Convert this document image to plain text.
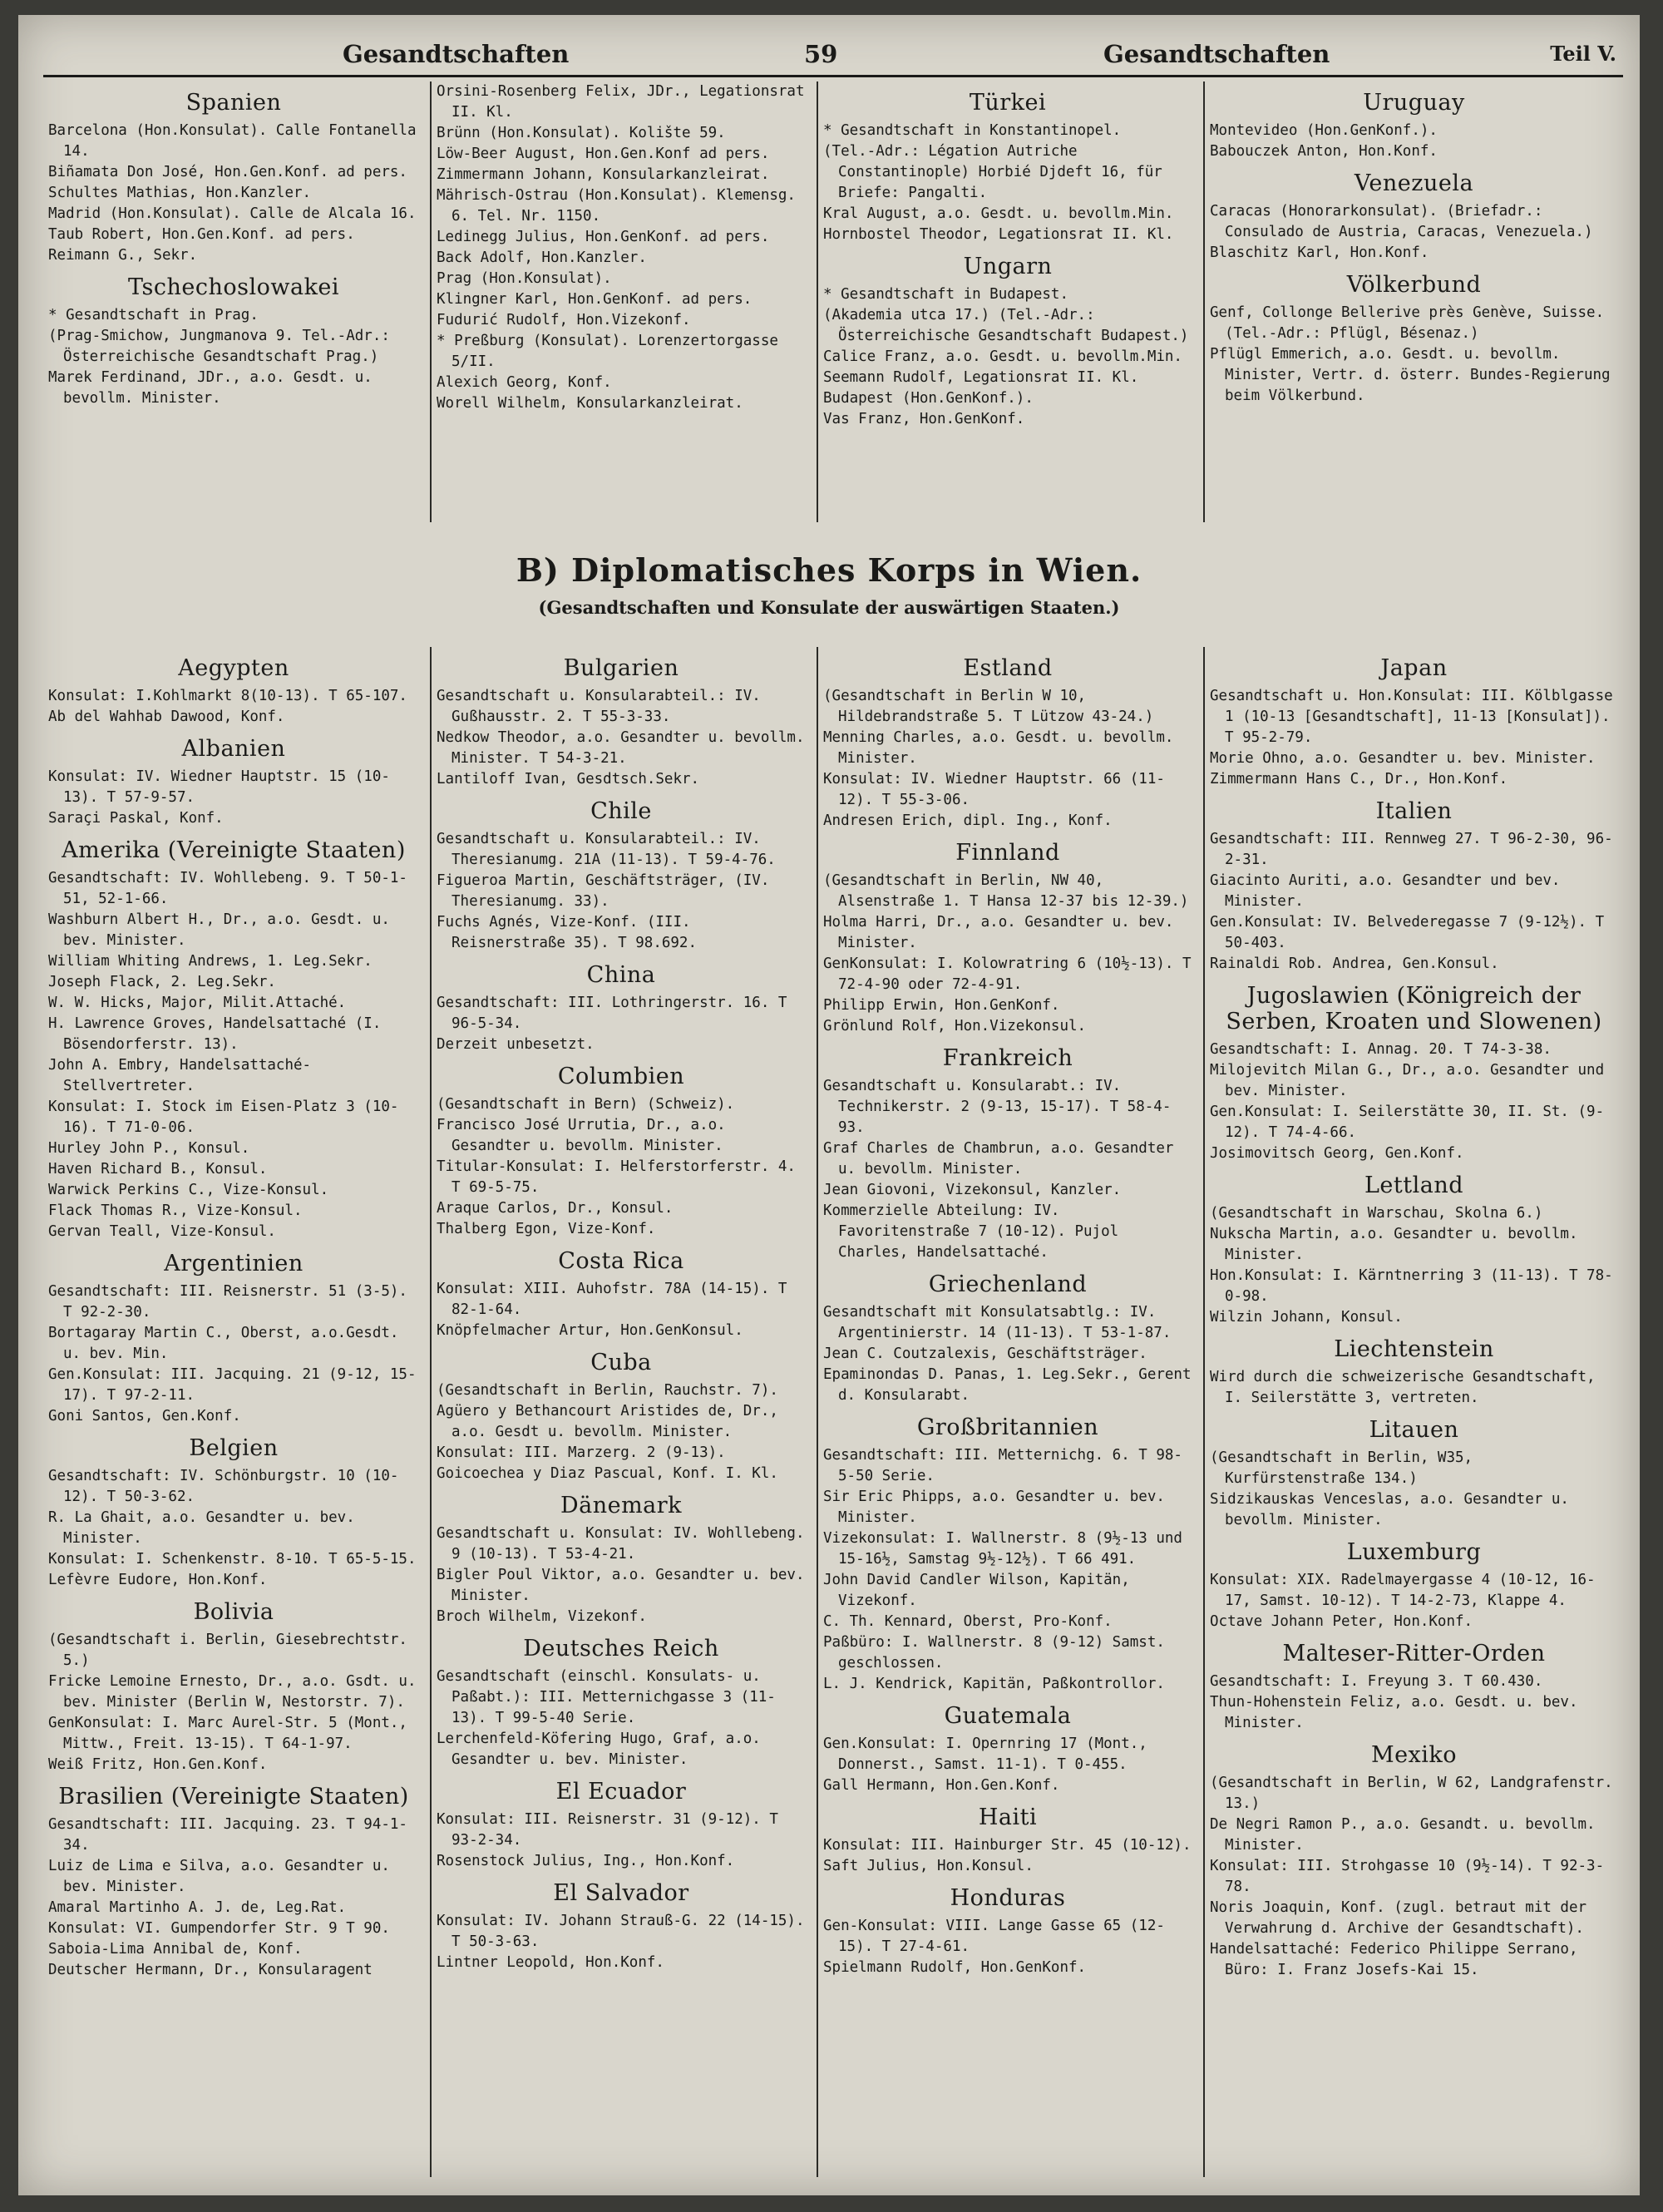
Gesandtschaften	59	Gesandtschaften	Teil V.
Spanien

Barcelona (Hon.Konsulat). Calle Fontanella 14.

Biñamata Don José, Hon.Gen.Konf. ad pers.

Schultes Mathias, Hon.Kanzler.

Madrid (Hon.Konsulat). Calle de Alcala 16.

Taub Robert, Hon.Gen.Konf. ad pers.

Reimann G., Sekr.

Tschechoslowakei

* Gesandtschaft in Prag.

(Prag-Smichow, Jungmanova 9. Tel.-Adr.: Österreichische Gesandtschaft Prag.)

Marek Ferdinand, JDr., a.o. Gesdt. u. bevollm. Minister.

Orsini-Rosenberg Felix, JDr., Legationsrat II. Kl.

Brünn (Hon.Konsulat). Kolište 59.

Löw-Beer August, Hon.Gen.Konf ad pers.

Zimmermann Johann, Konsularkanzleirat.

Mährisch-Ostrau (Hon.Konsulat). Klemensg. 6. Tel. Nr. 1150.

Ledinegg Julius, Hon.GenKonf. ad pers.

Back Adolf, Hon.Kanzler.

Prag (Hon.Konsulat).

Klingner Karl, Hon.GenKonf. ad pers.

Fudurić Rudolf, Hon.Vizekonf.

* Preßburg (Konsulat). Lorenzertorgasse 5/II.

Alexich Georg, Konf.

Worell Wilhelm, Konsularkanzleirat.

Türkei

* Gesandtschaft in Konstantinopel.

(Tel.-Adr.: Légation Autriche Constantinople) Horbié Djdeft 16, für Briefe: Pangalti.

Kral August, a.o. Gesdt. u. bevollm.Min.

Hornbostel Theodor, Legationsrat II. Kl.

Ungarn

* Gesandtschaft in Budapest.

(Akademia utca 17.) (Tel.-Adr.: Österreichische Gesandtschaft Budapest.)

Calice Franz, a.o. Gesdt. u. bevollm.Min.

Seemann Rudolf, Legationsrat II. Kl.

Budapest (Hon.GenKonf.).

Vas Franz, Hon.GenKonf.

Uruguay

Montevideo (Hon.GenKonf.).

Babouczek Anton, Hon.Konf.

Venezuela

Caracas (Honorarkonsulat). (Briefadr.: Consulado de Austria, Caracas, Venezuela.)

Blaschitz Karl, Hon.Konf.

Völkerbund

Genf, Collonge Bellerive près Genève, Suisse. (Tel.-Adr.: Pflügl, Bésenaz.)

Pflügl Emmerich, a.o. Gesdt. u. bevollm. Minister, Vertr. d. österr. Bundes-Regierung beim Völkerbund.

B) Diplomatisches Korps in Wien.
(Gesandtschaften und Konsulate der auswärtigen Staaten.)
Aegypten

Konsulat: I.Kohlmarkt 8(10-13). T 65-107.

Ab del Wahhab Dawood, Konf.

Albanien

Konsulat: IV. Wiedner Hauptstr. 15 (10-13). T 57-9-57.

Saraçi Paskal, Konf.

Amerika (Vereinigte Staaten)

Gesandtschaft: IV. Wohllebeng. 9. T 50-1-51, 52-1-66.

Washburn Albert H., Dr., a.o. Gesdt. u. bev. Minister.

William Whiting Andrews, 1. Leg.Sekr.

Joseph Flack, 2. Leg.Sekr.

W. W. Hicks, Major, Milit.Attaché.

H. Lawrence Groves, Handelsattaché (I. Bösendorferstr. 13).

John A. Embry, Handelsattaché-Stellvertreter.

Konsulat: I. Stock im Eisen-Platz 3 (10-16). T 71-0-06.

Hurley John P., Konsul.

Haven Richard B., Konsul.

Warwick Perkins C., Vize-Konsul.

Flack Thomas R., Vize-Konsul.

Gervan Teall, Vize-Konsul.

Argentinien

Gesandtschaft: III. Reisnerstr. 51 (3-5). T 92-2-30.

Bortagaray Martin C., Oberst, a.o.Gesdt. u. bev. Min.

Gen.Konsulat: III. Jacquing. 21 (9-12, 15-17). T 97-2-11.

Goni Santos, Gen.Konf.

Belgien

Gesandtschaft: IV. Schönburgstr. 10 (10-12). T 50-3-62.

R. La Ghait, a.o. Gesandter u. bev. Minister.

Konsulat: I. Schenkenstr. 8-10. T 65-5-15.

Lefèvre Eudore, Hon.Konf.

Bolivia

(Gesandtschaft i. Berlin, Giesebrechtstr. 5.)

Fricke Lemoine Ernesto, Dr., a.o. Gsdt. u. bev. Minister (Berlin W, Nestorstr. 7).

GenKonsulat: I. Marc Aurel-Str. 5 (Mont., Mittw., Freit. 13-15). T 64-1-97.

Weiß Fritz, Hon.Gen.Konf.

Brasilien (Vereinigte Staaten)

Gesandtschaft: III. Jacquing. 23. T 94-1-34.

Luiz de Lima e Silva, a.o. Gesandter u. bev. Minister.

Amaral Martinho A. J. de, Leg.Rat.

Konsulat: VI. Gumpendorfer Str. 9 T 90.

Saboia-Lima Annibal de, Konf.

Deutscher Hermann, Dr., Konsularagent

Bulgarien

Gesandtschaft u. Konsularabteil.: IV. Gußhausstr. 2. T 55-3-33.

Nedkow Theodor, a.o. Gesandter u. bevollm. Minister. T 54-3-21.

Lantiloff Ivan, Gesdtsch.Sekr.

Chile

Gesandtschaft u. Konsularabteil.: IV. Theresianumg. 21A (11-13). T 59-4-76.

Figueroa Martin, Geschäftsträger, (IV. Theresianumg. 33).

Fuchs Agnés, Vize-Konf. (III. Reisnerstraße 35). T 98.692.

China

Gesandtschaft: III. Lothringerstr. 16. T 96-5-34.

Derzeit unbesetzt.

Columbien

(Gesandtschaft in Bern) (Schweiz).

Francisco José Urrutia, Dr., a.o. Gesandter u. bevollm. Minister.

Titular-Konsulat: I. Helferstorferstr. 4. T 69-5-75.

Araque Carlos, Dr., Konsul.

Thalberg Egon, Vize-Konf.

Costa Rica

Konsulat: XIII. Auhofstr. 78A (14-15). T 82-1-64.

Knöpfelmacher Artur, Hon.GenKonsul.

Cuba

(Gesandtschaft in Berlin, Rauchstr. 7).

Agüero y Bethancourt Aristides de, Dr., a.o. Gesdt u. bevollm. Minister.

Konsulat: III. Marzerg. 2 (9-13).

Goicoechea y Diaz Pascual, Konf. I. Kl.

Dänemark

Gesandtschaft u. Konsulat: IV. Wohllebeng. 9 (10-13). T 53-4-21.

Bigler Poul Viktor, a.o. Gesandter u. bev. Minister.

Broch Wilhelm, Vizekonf.

Deutsches Reich

Gesandtschaft (einschl. Konsulats- u. Paßabt.): III. Metternichgasse 3 (11-13). T 99-5-40 Serie.

Lerchenfeld-Köfering Hugo, Graf, a.o. Gesandter u. bev. Minister.

El Ecuador

Konsulat: III. Reisnerstr. 31 (9-12). T 93-2-34.

Rosenstock Julius, Ing., Hon.Konf.

El Salvador

Konsulat: IV. Johann Strauß-G. 22 (14-15). T 50-3-63.

Lintner Leopold, Hon.Konf.

Estland

(Gesandtschaft in Berlin W 10, Hildebrandstraße 5. T Lützow 43-24.)

Menning Charles, a.o. Gesdt. u. bevollm. Minister.

Konsulat: IV. Wiedner Hauptstr. 66 (11-12). T 55-3-06.

Andresen Erich, dipl. Ing., Konf.

Finnland

(Gesandtschaft in Berlin, NW 40, Alsenstraße 1. T Hansa 12-37 bis 12-39.)

Holma Harri, Dr., a.o. Gesandter u. bev. Minister.

GenKonsulat: I. Kolowratring 6 (10½-13). T 72-4-90 oder 72-4-91.

Philipp Erwin, Hon.GenKonf.

Grönlund Rolf, Hon.Vizekonsul.

Frankreich

Gesandtschaft u. Konsularabt.: IV. Technikerstr. 2 (9-13, 15-17). T 58-4-93.

Graf Charles de Chambrun, a.o. Gesandter u. bevollm. Minister.

Jean Giovoni, Vizekonsul, Kanzler.

Kommerzielle Abteilung: IV. Favoritenstraße 7 (10-12). Pujol Charles, Handelsattaché.

Griechenland

Gesandtschaft mit Konsulatsabtlg.: IV. Argentinierstr. 14 (11-13). T 53-1-87.

Jean C. Coutzalexis, Geschäftsträger.

Epaminondas D. Panas, 1. Leg.Sekr., Gerent d. Konsularabt.

Großbritannien

Gesandtschaft: III. Metternichg. 6. T 98-5-50 Serie.

Sir Eric Phipps, a.o. Gesandter u. bev. Minister.

Vizekonsulat: I. Wallnerstr. 8 (9½-13 und 15-16½, Samstag 9½-12½). T 66 491.

John David Candler Wilson, Kapitän, Vizekonf.

C. Th. Kennard, Oberst, Pro-Konf.

Paßbüro: I. Wallnerstr. 8 (9-12) Samst. geschlossen.

L. J. Kendrick, Kapitän, Paßkontrollor.

Guatemala

Gen.Konsulat: I. Opernring 17 (Mont., Donnerst., Samst. 11-1). T 0-455.

Gall Hermann, Hon.Gen.Konf.

Haiti

Konsulat: III. Hainburger Str. 45 (10-12).

Saft Julius, Hon.Konsul.

Honduras

Gen-Konsulat: VIII. Lange Gasse 65 (12-15). T 27-4-61.

Spielmann Rudolf, Hon.GenKonf.

Japan

Gesandtschaft u. Hon.Konsulat: III. Kölblgasse 1 (10-13 [Gesandtschaft], 11-13 [Konsulat]). T 95-2-79.

Morie Ohno, a.o. Gesandter u. bev. Minister.

Zimmermann Hans C., Dr., Hon.Konf.

Italien

Gesandtschaft: III. Rennweg 27. T 96-2-30, 96-2-31.

Giacinto Auriti, a.o. Gesandter und bev. Minister.

Gen.Konsulat: IV. Belvederegasse 7 (9-12½). T 50-403.

Rainaldi Rob. Andrea, Gen.Konsul.

Jugoslawien (Königreich der Serben, Kroaten und Slowenen)

Gesandtschaft: I. Annag. 20. T 74-3-38.

Milojevitch Milan G., Dr., a.o. Gesandter und bev. Minister.

Gen.Konsulat: I. Seilerstätte 30, II. St. (9-12). T 74-4-66.

Josimovitsch Georg, Gen.Konf.

Lettland

(Gesandtschaft in Warschau, Skolna 6.)

Nukscha Martin, a.o. Gesandter u. bevollm. Minister.

Hon.Konsulat: I. Kärntnerring 3 (11-13). T 78-0-98.

Wilzin Johann, Konsul.

Liechtenstein

Wird durch die schweizerische Gesandtschaft, I. Seilerstätte 3, vertreten.

Litauen

(Gesandtschaft in Berlin, W35, Kurfürstenstraße 134.)

Sidzikauskas Venceslas, a.o. Gesandter u. bevollm. Minister.

Luxemburg

Konsulat: XIX. Radelmayergasse 4 (10-12, 16-17, Samst. 10-12). T 14-2-73, Klappe 4.

Octave Johann Peter, Hon.Konf.

Malteser-Ritter-Orden

Gesandtschaft: I. Freyung 3. T 60.430.

Thun-Hohenstein Feliz, a.o. Gesdt. u. bev. Minister.

Mexiko

(Gesandtschaft in Berlin, W 62, Landgrafenstr. 13.)

De Negri Ramon P., a.o. Gesandt. u. bevollm. Minister.

Konsulat: III. Strohgasse 10 (9½-14). T 92-3-78.

Noris Joaquin, Konf. (zugl. betraut mit der Verwahrung d. Archive der Gesandtschaft).

Handelsattaché: Federico Philippe Serrano, Büro: I. Franz Josefs-Kai 15.
